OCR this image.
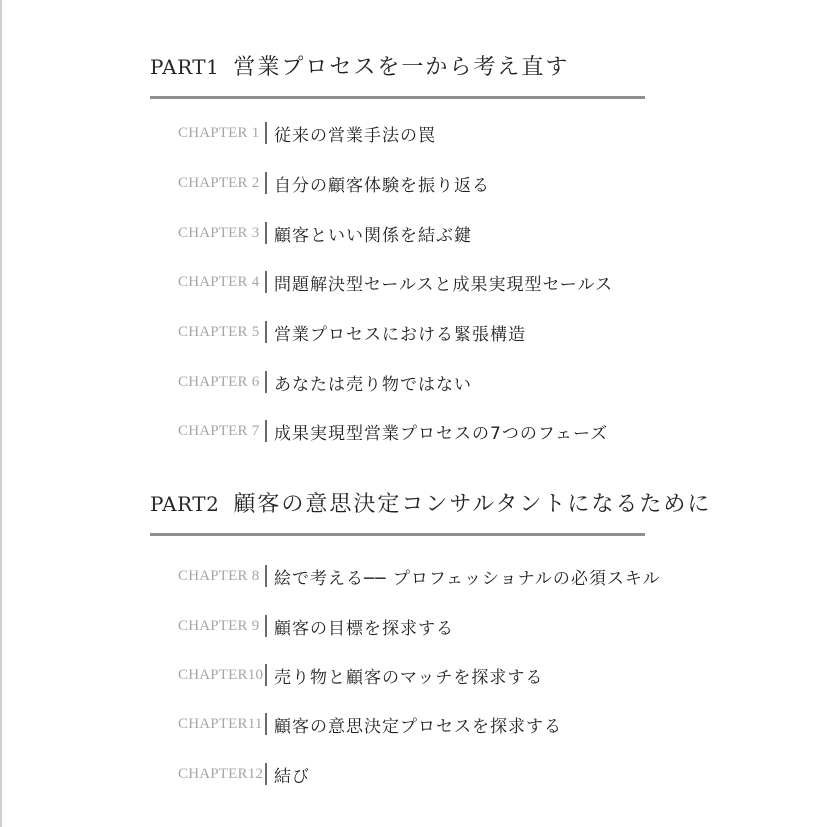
PART1 営業プロセスを一から考え直す
CHAPTER 1 従来の営業手法の罠
CHAPTER 2 自分の顧客体験を振り返る
CHAPTER 3 顧客といい関係を結ぶ鍵
CHAPTER 4 問題解決型セールスと成果実現型セールス
CHAPTER 5 営業プロセスにおける緊張構造
CHAPTER 6 あなたは売り物ではない
CHAPTER 7 成果実現型営業プロセスの7つのフェーズ
PART2 顧客の意思決定コンサルタントになるために
CHAPTER 8 絵で考える── プロフェッショナルの必須スキル
CHAPTER 9 顧客の目標を探求する
CHAPTER10 売り物と顧客のマッチを探求する
CHAPTER11 顧客の意思決定プロセスを探求する
CHAPTER12 結び
